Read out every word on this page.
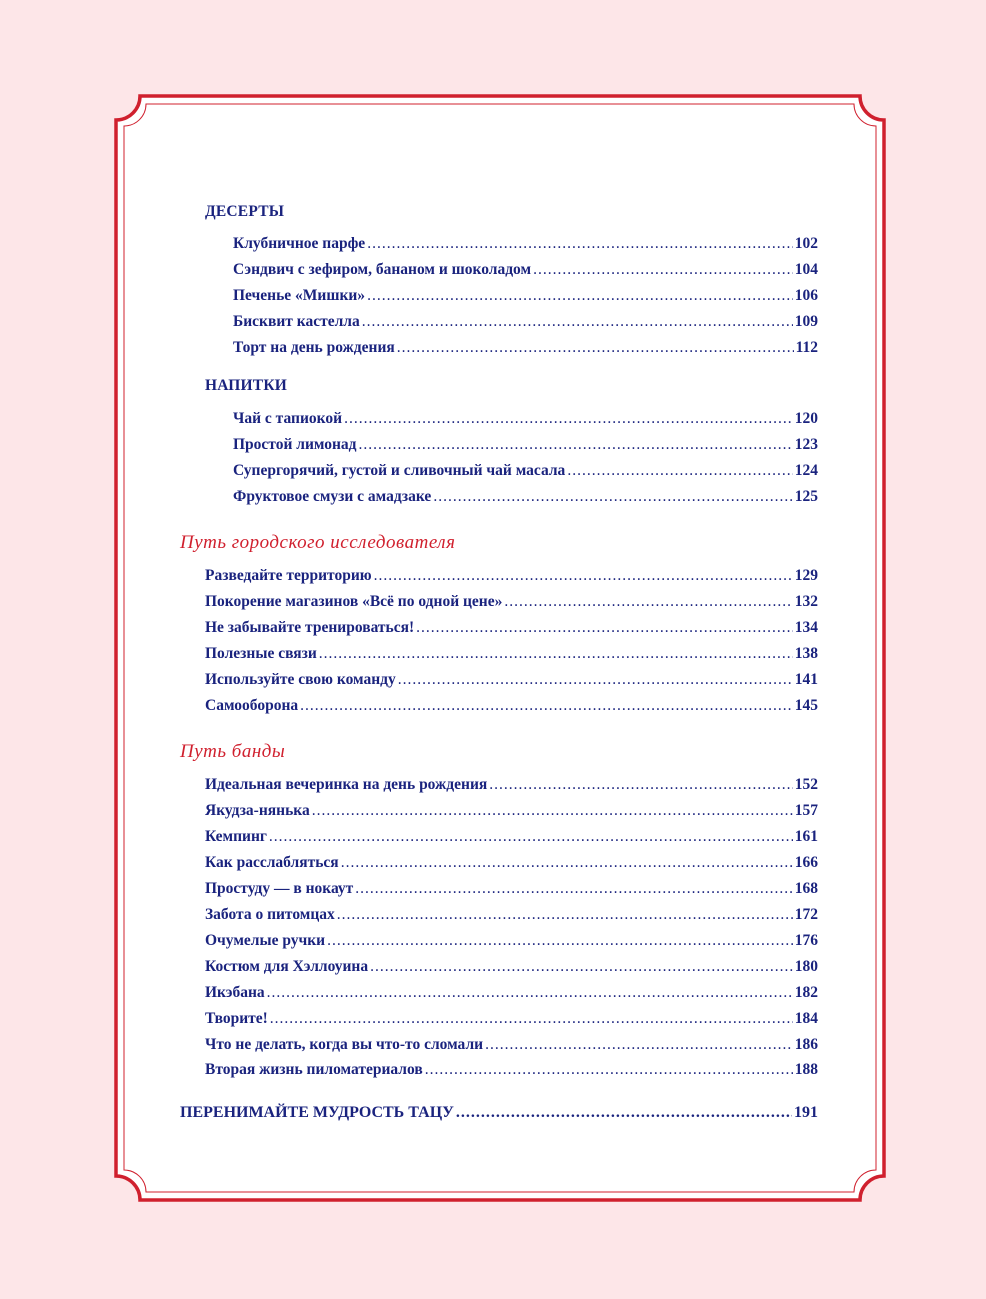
ДЕСЕРТЫ
Клубничное парфе .....	102
Сэндвич с зефиром, бананом и шоколадом .....	104
Печенье «Мишки» .....	106
Бисквит кастелла .....	109
Торт на день рождения .....	112
НАПИТКИ
Чай с тапиокой .....	120
Простой лимонад .....	123
Супергорячий, густой и сливочный чай масала .....	124
Фруктовое смузи с амадзаке .....	125
Путь городского исследователя
Разведайте территорию .....	129
Покорение магазинов «Всё по одной цене» .....	132
Не забывайте тренироваться! .....	134
Полезные связи .....	138
Используйте свою команду .....	141
Самооборона .....	145
Путь банды
Идеальная вечеринка на день рождения .....	152
Якудза-нянька .....	157
Кемпинг .....	161
Как расслабляться .....	166
Простуду — в нокаут .....	168
Забота о питомцах .....	172
Очумелые ручки .....	176
Костюм для Хэллоуина .....	180
Икэбана .....	182
Творите! .....	184
Что не делать, когда вы что-то сломали .....	186
Вторая жизнь пиломатериалов .....	188
ПЕРЕНИМАЙТЕ МУДРОСТЬ ТАЦУ .....	191
